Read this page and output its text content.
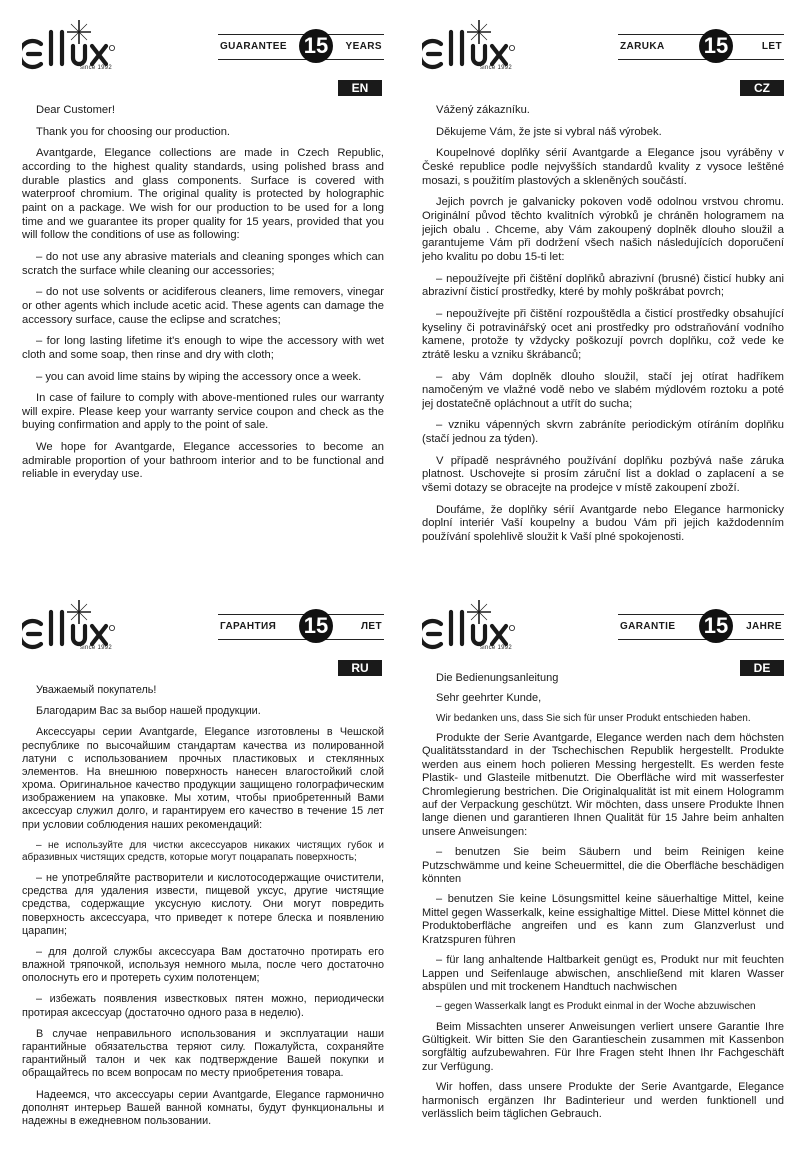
since 1992
GUARANTEE 15	YEARS
EN

Dear Customer!

Thank you for choosing our production.

Avantgarde, Elegance collections are made in Czech Republic, according to the highest quality standards, using polished brass and durable plastics and glass components. Surface is covered with waterproof chromium. The original quality is protected by holographic paint on a package. We wish for our production to be used for a long time and we guarantee its proper quality for 15 years, provided that you will follow the conditions of use as following:

– do not use any abrasive materials and cleaning sponges which can scratch the surface while cleaning our accessories;

– do not use solvents or acidiferous cleaners, lime removers, vinegar or other agents which include acetic acid. These agents can damage the accessory surface, cause the eclipse and scratches;

– for long lasting lifetime it's enough to wipe the accessory with wet cloth and some soap, then rinse and dry with cloth;

– you can avoid lime stains by wiping the accessory once a week.

In case of failure to comply with above-mentioned rules our warranty will expire. Please keep your warranty service coupon and check as the buying confirmation and apply to the point of sale.

We hope for Avantgarde, Elegance accessories to become an admirable proportion of your bathroom interior and to be functional and reliable in everyday use.

since 1992
ZARUKA 15	LET
CZ

Vážený zákazníku.

Děkujeme Vám, že jste si vybral náš výrobek.

Koupelnové doplňky sérií Avantgarde a Elegance jsou vyráběny v České republice podle nejvyšších standardů kvality z vysoce leštěné mosazi, s použitím plastových a skleněných součástí.

Jejich povrch je galvanicky pokoven vodě odolnou vrstvou chromu. Originální původ těchto kvalitních výrobků je chráněn hologramem na jejich obalu . Chceme, aby Vám zakoupený doplněk dlouho sloužil a garantujeme Vám při dodržení všech našich následujících doporučení jeho kvalitu po dobu 15-ti let:

– nepoužívejte při čištění doplňků abrazivní (brusné) čisticí hubky ani abrazivní čisticí prostředky, které by mohly poškrábat povrch;

– nepoužívejte při čištění rozpouštědla a čisticí prostředky obsahující kyseliny či potravinářský ocet ani prostředky pro odstraňování vodního kamene, protože ty vždycky poškozují povrch doplňku, což vede ke ztrátě lesku a vzniku škrábanců;

– aby Vám doplněk dlouho sloužil, stačí jej otírat hadříkem namočeným ve vlažné vodě nebo ve slabém mýdlovém roztoku a poté jej dostatečně opláchnout a utřít do sucha;

– vzniku vápenných skvrn zabráníte periodickým otíráním doplňku (stačí jednou za týden).

V případě nesprávného používání doplňku pozbývá naše záruka platnost. Uschovejte si prosím záruční list a doklad o zaplacení a se všemi dotazy se obracejte na prodejce v místě zakoupení zboží.

Doufáme, že doplňky sérií Avantgarde nebo Elegance harmonicky doplní interiér Vaší koupelny a budou Vám při jejich každodenním používání spolehlivě sloužit k Vaší plné spokojenosti.

since 1992
ГАРАНТИЯ 15	ЛЕТ
RU

Уважаемый покупатель!

Благодарим Вас за выбор нашей продукции.

Аксессуары серии Avantgarde, Elegance изготовлены в Чешской республике по высочайшим стандартам качества из полированной латуни с использованием прочных пластиковых и стеклянных элементов. На внешнюю поверхность нанесен влагостойкий слой хрома. Оригинальное качество продукции защищено голографическим изображением на упаковке. Мы хотим, чтобы приобретенный Вами аксессуар служил долго, и гарантируем его качество в течение 15 лет при условии соблюдения наших рекомендаций:

– не используйте для чистки аксессуаров никаких чистящих губок и абразивных чистящих средств, которые могут поцарапать поверхность;

– не употребляйте растворители и кислотосодержащие очистители, средства для удаления извести, пищевой уксус, другие чистящие средства, содержащие уксусную кислоту. Они могут повредить поверхность аксессуара, что приведет к потере блеска и появлению царапин;

– для долгой службы аксессуара Вам достаточно протирать его влажной тряпочкой, используя немного мыла, после чего достаточно ополоснуть его и протереть сухим полотенцем;

– избежать появления известковых пятен можно, периодически протирая аксессуар (достаточно одного раза в неделю).

В случае неправильного использования и эксплуатации наши гарантийные обязательства теряют силу. Пожалуйста, сохраняйте гарантийный талон и чек как подтверждение Вашей покупки и обращайтесь по всем вопросам по месту приобретения товара.

Надеемся, что аксессуары серии Avantgarde, Elegance гармонично дополнят интерьер Вашей ванной комнаты, будут функциональны и надежны в ежедневном пользовании.

since 1992
GARANTIE 15	JAHRE
DE

Die Bedienungsanleitung

Sehr geehrter Kunde,

Wir bedanken uns, dass Sie sich für unser Produkt entschieden haben.

Produkte der Serie Avantgarde, Elegance werden nach dem höchsten Qualitätsstandard in der Tschechischen Republik hergestellt. Produkte werden aus einem hoch polieren Messing hergestellt. Es werden feste Plastik- und Glasteile mitbenutzt. Die Oberfläche wird mit wasserfester Chromlegierung bestrichen. Die Originalqualität ist mit einem Hologramm auf der Verpackung geschützt. Wir möchten, dass unsere Produkte Ihnen lange dienen und garantieren Ihnen Qualität für 15 Jahre beim anhalten unsere Anweisungen:

– benutzen Sie beim Säubern und beim Reinigen keine Putzschwämme und keine Scheuermittel, die die Oberfläche beschädigen könnten

– benutzen Sie keine Lösungsmittel keine säuerhaltige Mittel, keine Mittel gegen Wasserkalk, keine essighaltige Mittel. Diese Mittel könnet die Produktoberfläche angreifen und es kann zum Glanzverlust und Kratzspuren führen

– für lang anhaltende Haltbarkeit genügt es, Produkt nur mit feuchten Lappen und Seifenlauge abwischen, anschließend mit klaren Wasser abspülen und mit trockenem Handtuch nachwischen

– gegen Wasserkalk langt es Produkt einmal in der Woche abzuwischen

Beim Missachten unserer Anweisungen verliert unsere Garantie Ihre Gültigkeit. Wir bitten Sie den Garantieschein zusammen mit Kassenbon sorgfältig aufzubewahren. Für Ihre Fragen steht Ihnen Ihr Fachgeschäft zur Verfügung.

Wir hoffen, dass unsere Produkte der Serie Avantgarde, Elegance harmonisch ergänzen Ihr Badinterieur und werden funktionell und verlässlich beim täglichen Gebrauch.
